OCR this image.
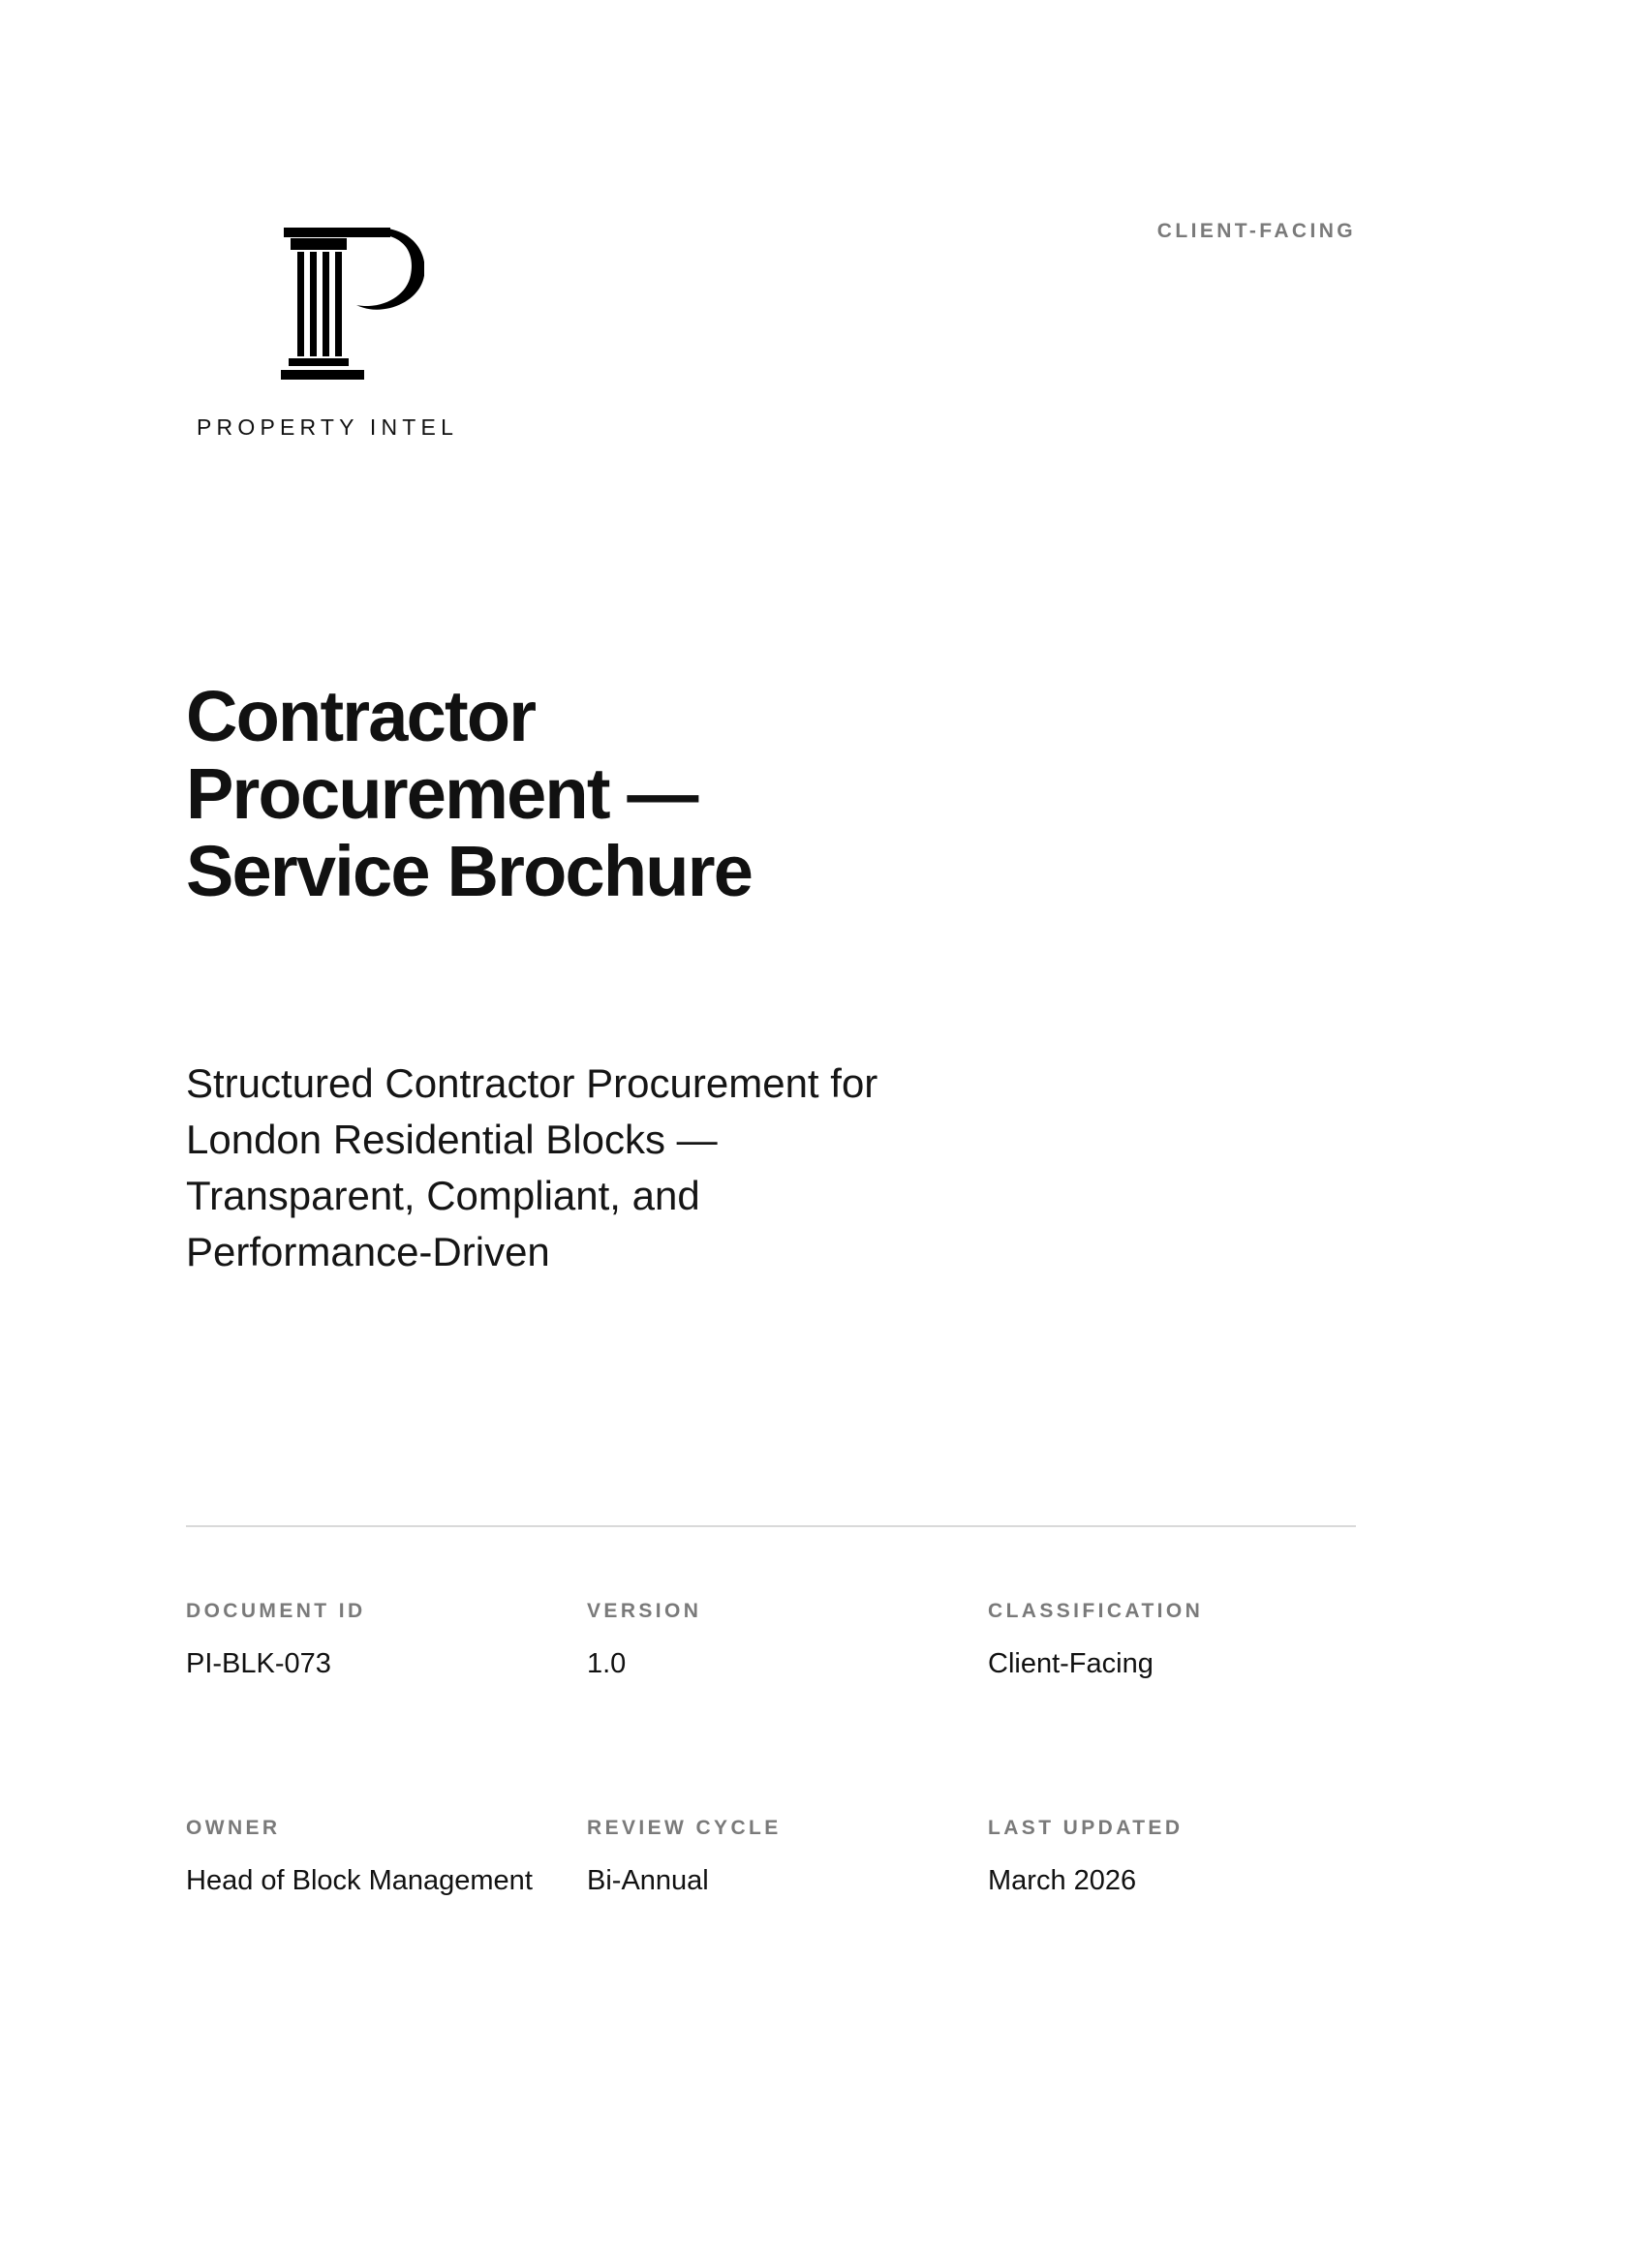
PROPERTY INTEL
CLIENT-FACING
Contractor
Procurement —
Service Brochure
Structured Contractor Procurement for
London Residential Blocks —
Transparent, Compliant, and
Performance-Driven
DOCUMENT ID
PI-BLK-073
VERSION
1.0
CLASSIFICATION
Client-Facing
OWNER
Head of Block Management
REVIEW CYCLE
Bi-Annual
LAST UPDATED
March 2026
